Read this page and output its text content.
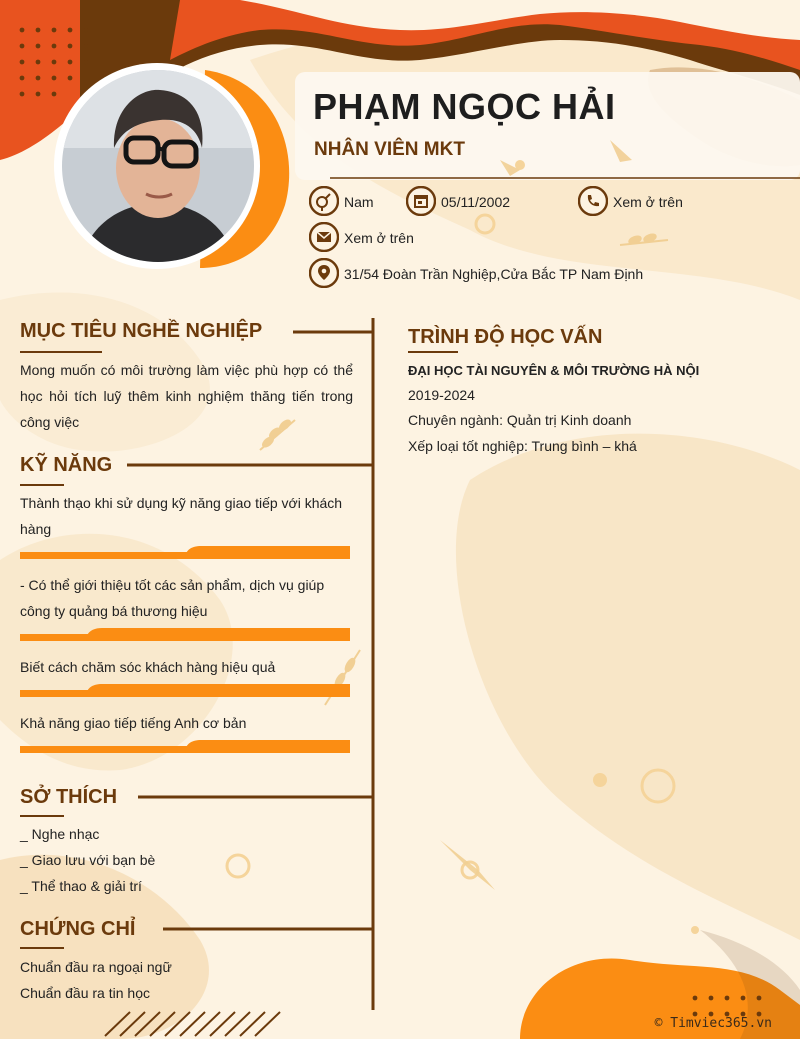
PHẠM NGỌC HẢI
NHÂN VIÊN MKT
Nam	05/11/2002	Xem ở trên
Xem ở trên
31/54 Đoàn Trần Nghiệp,Cửa Bắc TP Nam Định
MỤC TIÊU NGHỀ NGHIỆP
Mong muốn có môi trường làm việc phù hợp có thể học hỏi tích luỹ thêm kinh nghiệm thăng tiến trong công việc
KỸ NĂNG
Thành thạo khi sử dụng kỹ năng giao tiếp với khách hàng
- Có thể giới thiệu tốt các sản phẩm, dịch vụ giúp công ty quảng bá thương hiệu
Biết cách chăm sóc khách hàng hiệu quả
Khả năng giao tiếp tiếng Anh cơ bản
SỞ THÍCH
_ Nghe nhạc
_ Giao lưu với bạn bè
_ Thể thao & giải trí
CHỨNG CHỈ
Chuẩn đầu ra ngoại ngữ
Chuẩn đầu ra tin học
TRÌNH ĐỘ HỌC VẤN
ĐẠI HỌC TÀI NGUYÊN & MÔI TRƯỜNG HÀ NỘI
2019-2024
Chuyên ngành: Quản trị Kinh doanh
Xếp loại tốt nghiệp: Trung bình – khá
© Timviec365.vn
